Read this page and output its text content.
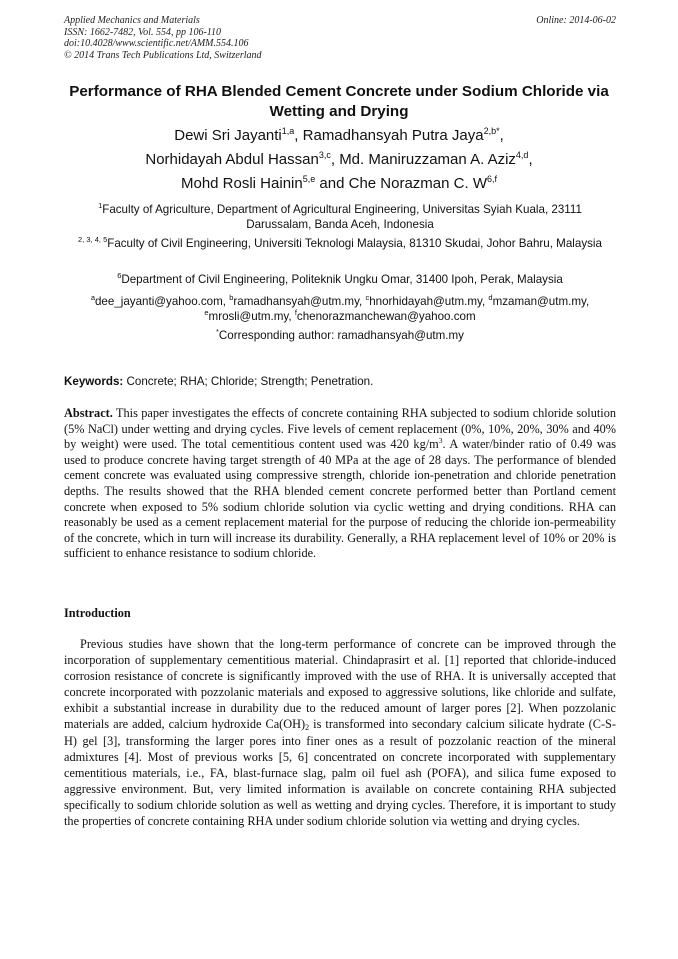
Applied Mechanics and Materials
ISSN: 1662-7482, Vol. 554, pp 106-110
doi:10.4028/www.scientific.net/AMM.554.106
© 2014 Trans Tech Publications Ltd, Switzerland
Online: 2014-06-02
Performance of RHA Blended Cement Concrete under Sodium Chloride via Wetting and Drying
Dewi Sri Jayanti$^{1,a}$, Ramadhansyah Putra Jaya$^{2,b*}$,
Norhidayah Abdul Hassan$^{3,c}$, Md. Maniruzzaman A. Aziz$^{4,d}$,
Mohd Rosli Hainin$^{5,e}$ and Che Norazman C. W$^{6,f}$
$^1$Faculty of Agriculture, Department of Agricultural Engineering, Universitas Syiah Kuala, 23111 Darussalam, Banda Aceh, Indonesia
$^{2, 3, 4, 5}$Faculty of Civil Engineering, Universiti Teknologi Malaysia, 81310 Skudai, Johor Bahru, Malaysia
$^6$Department of Civil Engineering, Politeknik Ungku Omar, 31400 Ipoh, Perak, Malaysia
$^a$dee_jayanti@yahoo.com, $^b$ramadhansyah@utm.my, $^c$hnorhidayah@utm.my, $^d$mzaman@utm.my,
$^e$mrosli@utm.my, $^f$chenorazmanchewan@yahoo.com
*Corresponding author: ramadhansyah@utm.my
Keywords: Concrete; RHA; Chloride; Strength; Penetration.
Abstract. This paper investigates the effects of concrete containing RHA subjected to sodium chloride solution (5% NaCl) under wetting and drying cycles. Five levels of cement replacement (0%, 10%, 20%, 30% and 40% by weight) were used. The total cementitious content used was 420 $kg/m^3$. A water/binder ratio of 0.49 was used to produce concrete having target strength of 40 MPa at the age of 28 days. The performance of blended cement concrete was evaluated using compressive strength, chloride ion-penetration and chloride penetration depths. The results showed that the RHA blended cement concrete performed better than Portland cement concrete when exposed to 5% sodium chloride solution via cyclic wetting and drying conditions. RHA can reasonably be used as a cement replacement material for the purpose of reducing the chloride ion-permeability of the concrete, which in turn will increase its durability. Generally, a RHA replacement level of 10% or 20% is sufficient to enhance resistance to sodium chloride.
Introduction
Previous studies have shown that the long-term performance of concrete can be improved through the incorporation of supplementary cementitious material. Chindaprasirt et al. [1] reported that chloride-induced corrosion resistance of concrete is significantly improved with the use of RHA. It is universally accepted that concrete incorporated with pozzolanic materials and exposed to aggressive solutions, like chloride and sulfate, exhibit a substantial increase in durability due to the reduced amount of larger pores [2]. When pozzolanic materials are added, calcium hydroxide $Ca(OH)_2$ is transformed into secondary calcium silicate hydrate (C-S-H) gel [3], transforming the larger pores into finer ones as a result of pozzolanic reaction of the mineral admixtures [4]. Most of previous works [5, 6] concentrated on concrete incorporated with supplementary cementitious materials, i.e., FA, blast-furnace slag, palm oil fuel ash (POFA), and silica fume exposed to aggressive environment. But, very limited information is available on concrete containing RHA subjected specifically to sodium chloride solution as well as wetting and drying cycles. Therefore, it is important to study the properties of concrete containing RHA under sodium chloride solution via wetting and drying cycles.
